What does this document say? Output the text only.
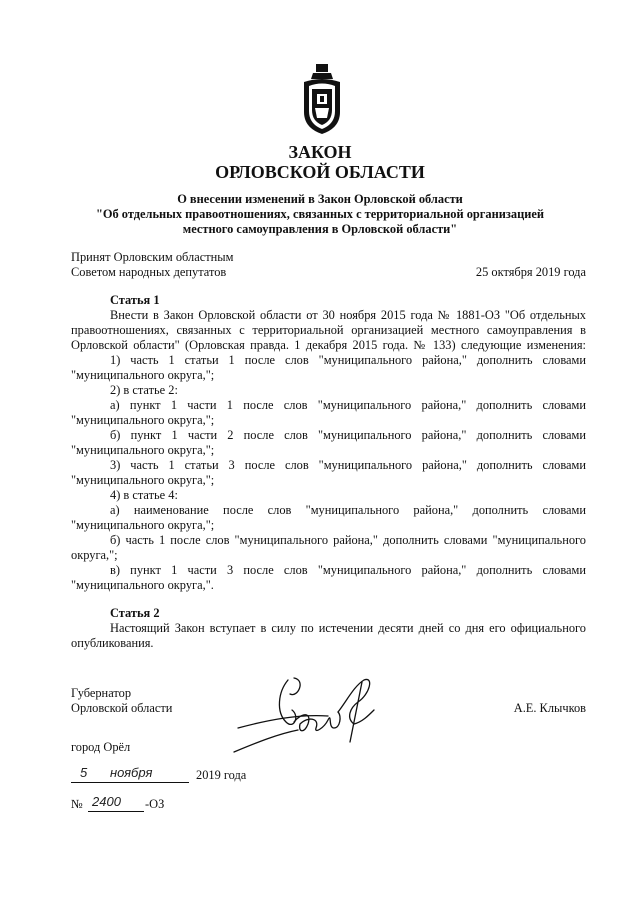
ЗАКОН
ОРЛОВСКОЙ ОБЛАСТИ
О внесении изменений в Закон Орловской области
"Об отдельных правоотношениях, связанных с территориальной организацией
местного самоуправления в Орловской области"
Принят Орловским областным
Советом народных депутатов	25 октября 2019 года
Статья 1
Внести в Закон Орловской области от 30 ноября 2015 года № 1881-ОЗ "Об отдельных
правоотношениях, связанных с территориальной организацией местного самоуправления в
Орловской области" (Орловская правда. 1 декабря 2015 года. № 133) следующие изменения:
1) часть 1 статьи 1 после слов "муниципального района," дополнить словами
"муниципального округа,";
2) в статье 2:
а) пункт 1 части 1 после слов "муниципального района," дополнить словами
"муниципального округа,";
б) пункт 1 части 2 после слов "муниципального района," дополнить словами
"муниципального округа,";
3) часть 1 статьи 3 после слов "муниципального района," дополнить словами
"муниципального округа,";
4) в статье 4:
а) наименование после слов "муниципального района," дополнить словами
"муниципального округа,";
б) часть 1 после слов "муниципального района," дополнить словами "муниципального
округа,";
в) пункт 1 части 3 после слов "муниципального района," дополнить словами
"муниципального округа,".
Статья 2
Настоящий Закон вступает в силу по истечении десяти дней со дня его официального
опубликования.
Губернатор
Орловской области	А.Е. Клычков
город Орёл
5 ноября	2019 года
№ 2400 -ОЗ
